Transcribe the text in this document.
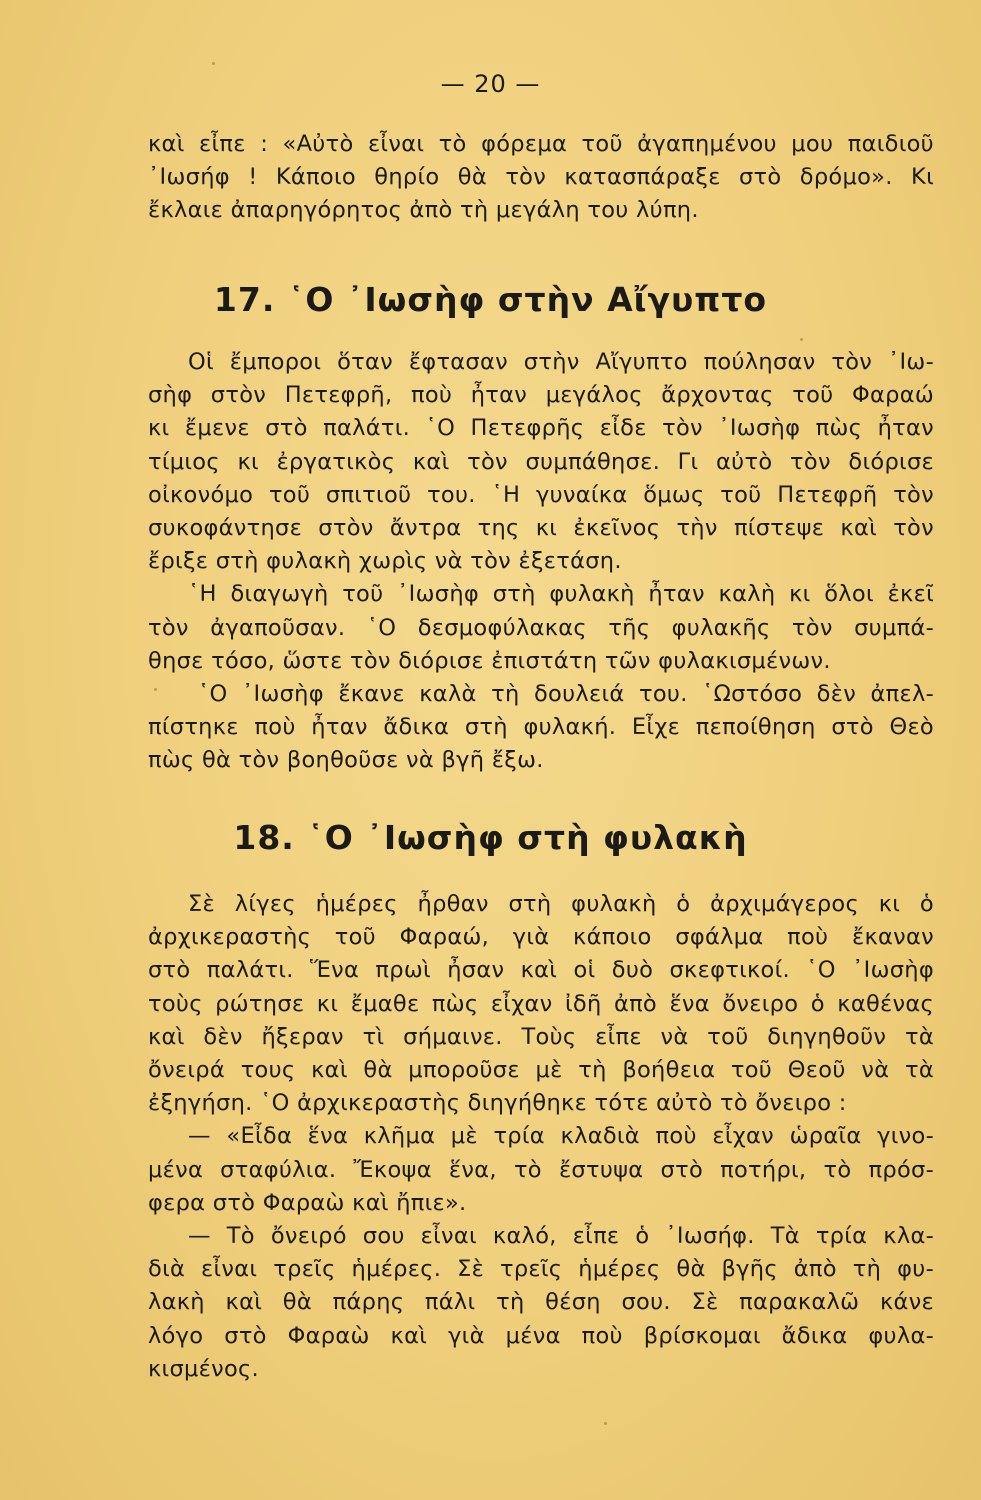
— 20 —
καὶ εἶπε : «Αὐτὸ εἶναι τὸ φόρεμα τοῦ ἀγαπημένου μου παιδιοῦ
᾿Ιωσήφ ! Κάποιο θηρίο θὰ τὸν κατασπάραξε στὸ δρόμο». Κι
ἔκλαιε ἀπαρηγόρητος ἀπὸ τὴ μεγάλη του λύπη.
17. ῾Ο ᾿Ιωσὴφ στὴν Αἴγυπτο
Οἱ ἔμποροι ὅταν ἔφτασαν στὴν Αἴγυπτο πούλησαν τὸν ᾿Ιω-
σὴφ στὸν Πετεφρῆ, ποὺ ἦταν μεγάλος ἄρχοντας τοῦ Φαραώ
κι ἔμενε στὸ παλάτι. ῾Ο Πετεφρῆς εἶδε τὸν ᾿Ιωσὴφ πὼς ἦταν
τίμιος κι ἐργατικὸς καὶ τὸν συμπάθησε. Γι αὐτὸ τὸν διόρισε
οἰκονόμο τοῦ σπιτιοῦ του. ῾Η γυναίκα ὅμως τοῦ Πετεφρῆ τὸν
συκοφάντησε στὸν ἄντρα της κι ἐκεῖνος τὴν πίστεψε καὶ τὸν
ἔριξε στὴ φυλακὴ χωρὶς νὰ τὸν ἐξετάση.
῾Η διαγωγὴ τοῦ ᾿Ιωσὴφ στὴ φυλακὴ ἦταν καλὴ κι ὅλοι ἐκεῖ
τὸν ἀγαποῦσαν. ῾Ο δεσμοφύλακας τῆς φυλακῆς τὸν συμπά-
θησε τόσο, ὥστε τὸν διόρισε ἐπιστάτη τῶν φυλακισμένων.
῾Ο ᾿Ιωσὴφ ἔκανε καλὰ τὴ δουλειά του. ῾Ωστόσο δὲν ἀπελ-
πίστηκε ποὺ ἦταν ἄδικα στὴ φυλακή. Εἶχε πεποίθηση στὸ Θεὸ
πὼς θὰ τὸν βοηθοῦσε νὰ βγῆ ἔξω.
18. ῾Ο ᾿Ιωσὴφ στὴ φυλακὴ
Σὲ λίγες ἡμέρες ἦρθαν στὴ φυλακὴ ὁ ἀρχιμάγερος κι ὁ
ἀρχικεραστὴς τοῦ Φαραώ, γιὰ κάποιο σφάλμα ποὺ ἔκαναν
στὸ παλάτι. Ἕνα πρωὶ ἦσαν καὶ οἱ δυὸ σκεφτικοί. ῾Ο ᾿Ιωσὴφ
τοὺς ρώτησε κι ἔμαθε πὼς εἶχαν ἰδῆ ἀπὸ ἕνα ὄνειρο ὁ καθένας
καὶ δὲν ἤξεραν τὶ σήμαινε. Τοὺς εἶπε νὰ τοῦ διηγηθοῦν τὰ
ὄνειρά τους καὶ θὰ μποροῦσε μὲ τὴ βοήθεια τοῦ Θεοῦ νὰ τὰ
ἐξηγήση. ῾Ο ἀρχικεραστὴς διηγήθηκε τότε αὐτὸ τὸ ὄνειρο :
— «Εἶδα ἕνα κλῆμα μὲ τρία κλαδιὰ ποὺ εἶχαν ὡραῖα γινο-
μένα σταφύλια. Ἔκοψα ἕνα, τὸ ἔστυψα στὸ ποτήρι, τὸ πρόσ-
φερα στὸ Φαραὼ καὶ ἤπιε».
— Τὸ ὄνειρό σου εἶναι καλό, εἶπε ὁ ᾿Ιωσήφ. Τὰ τρία κλα-
διὰ εἶναι τρεῖς ἡμέρες. Σὲ τρεῖς ἡμέρες θὰ βγῆς ἀπὸ τὴ φυ-
λακὴ καὶ θὰ πάρης πάλι τὴ θέση σου. Σὲ παρακαλῶ κάνε
λόγο στὸ Φαραὼ καὶ γιὰ μένα ποὺ βρίσκομαι ἄδικα φυλα-
κισμένος.
